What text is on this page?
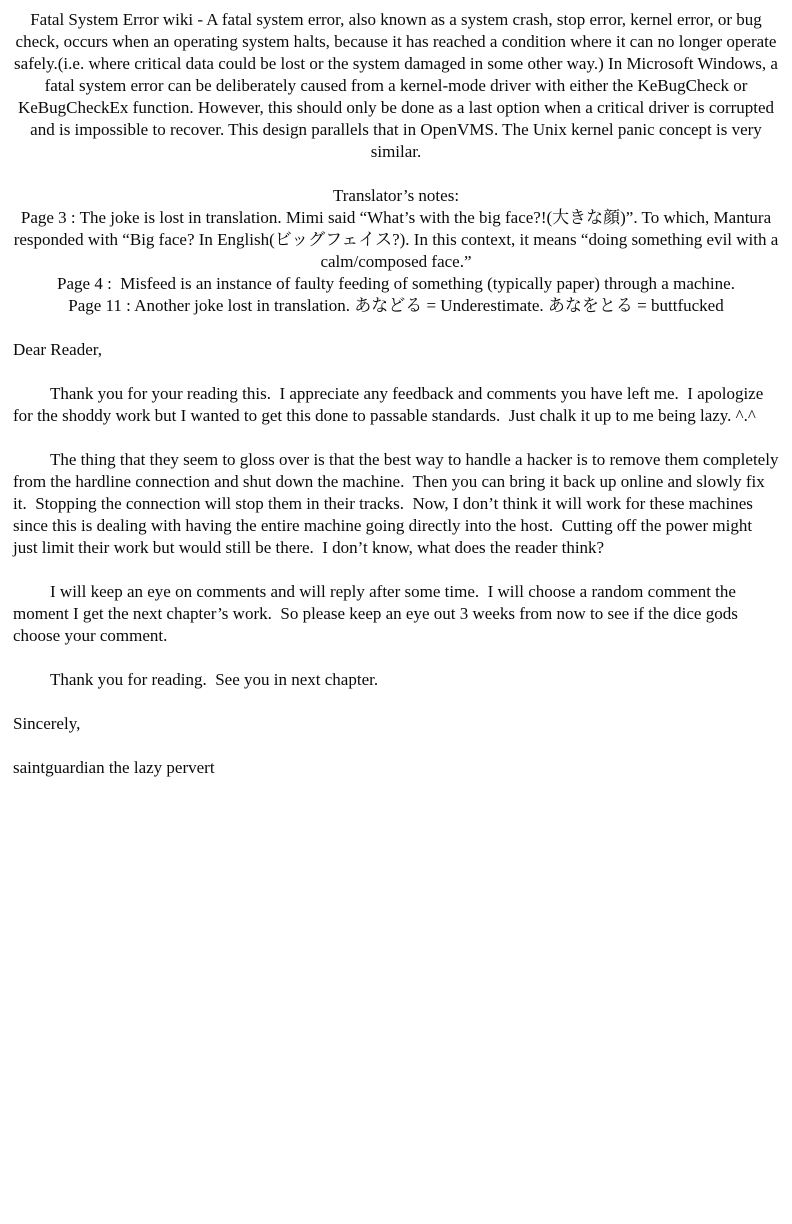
Fatal System Error wiki - A fatal system error, also known as a system crash, stop error, kernel error, or bug check, occurs when an operating system halts, because it has reached a condition where it can no longer operate safely.(i.e. where critical data could be lost or the system damaged in some other way.) In Microsoft Windows, a fatal system error can be deliberately caused from a kernel-mode driver with either the KeBugCheck or KeBugCheckEx function. However, this should only be done as a last option when a critical driver is corrupted and is impossible to recover. This design parallels that in OpenVMS. The Unix kernel panic concept is very similar.

Translator’s notes:

Page 3 : The joke is lost in translation. Mimi said “What’s with the big face?!(大きな顔)”. To which, Mantura responded with “Big face? In English(ビッグフェイス?). In this context, it means “doing something evil with a calm/composed face.”

Page 4 :  Misfeed is an instance of faulty feeding of something (typically paper) through a machine.

Page 11 : Another joke lost in translation. あなどる = Underestimate. あなをとる = buttfucked

Dear Reader,

Thank you for your reading this.  I appreciate any feedback and comments you have left me.  I apologize for the shoddy work but I wanted to get this done to passable standards.  Just chalk it up to me being lazy. ^.^

The thing that they seem to gloss over is that the best way to handle a hacker is to remove them completely from the hardline connection and shut down the machine.  Then you can bring it back up online and slowly fix it.  Stopping the connection will stop them in their tracks.  Now, I don’t think it will work for these machines since this is dealing with having the entire machine going directly into the host.  Cutting off the power might just limit their work but would still be there.  I don’t know, what does the reader think?

I will keep an eye on comments and will reply after some time.  I will choose a random comment the moment I get the next chapter’s work.  So please keep an eye out 3 weeks from now to see if the dice gods choose your comment.

Thank you for reading.  See you in next chapter.

Sincerely,

saintguardian the lazy pervert
